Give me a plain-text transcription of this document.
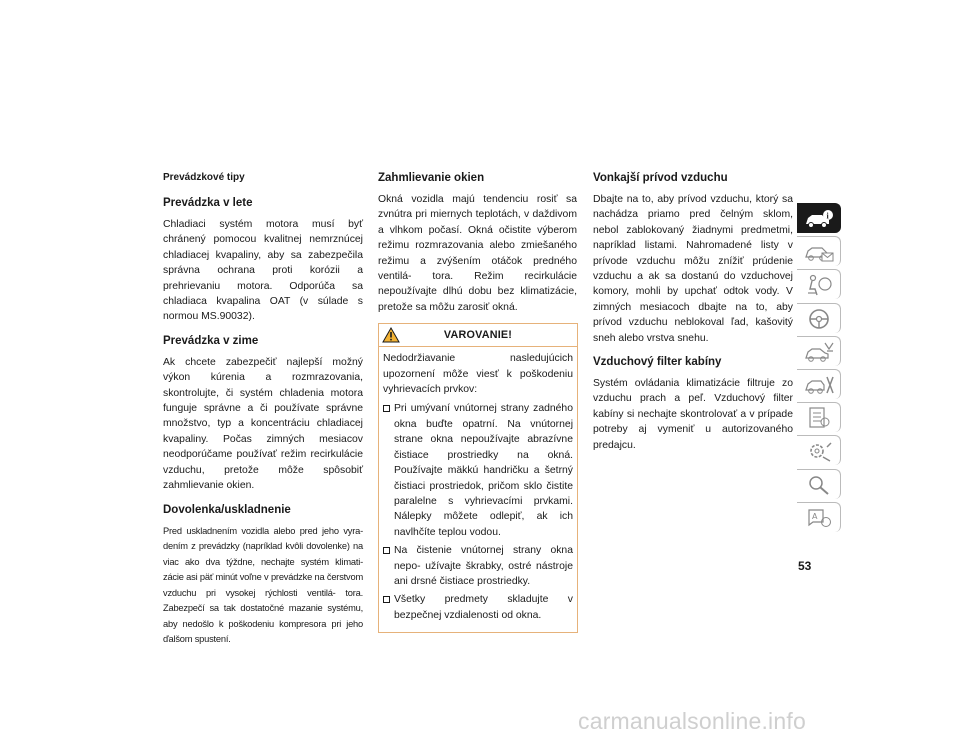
Prevádzkové tipy
Prevádzka v lete

Chladiaci systém motora musí byť chránený pomocou kvalitnej nemrznúcej chladiacej kvapaliny, aby sa zabezpečila správna ochrana proti korózii a prehrievaniu motora. Odporúča sa chladiaca kvapalina OAT (v súlade s normou MS.90032).

Prevádzka v zime

Ak chcete zabezpečiť najlepší možný výkon kúrenia a rozmrazovania, skontrolujte, či systém chladenia motora funguje správne a či používate správne množstvo, typ a koncentráciu chladiacej kvapaliny. Počas zimných mesiacov neodporúčame používať režim recirkulácie vzduchu, pretože môže spôsobiť zahmlievanie okien.

Dovolenka/uskladnenie

Pred uskladnením vozidla alebo pred jeho vyra- dením z prevádzky (napríklad kvôli dovolenke) na viac ako dva týždne, nechajte systém klimati- zácie asi päť minút voľne v prevádzke na čerstvom vzduchu pri vysokej rýchlosti ventilá- tora. Zabezpečí sa tak dostatočné mazanie systému, aby nedošlo k poškodeniu kompresora pri jeho ďalšom spustení.

Zahmlievanie okien

Okná vozidla majú tendenciu rosiť sa zvnútra pri miernych teplotách, v daždivom a vlhkom počasí. Okná očistite výberom režimu rozmrazovania alebo zmiešaného režimu a zvýšením otáčok predného ventilá- tora. Režim recirkulácie nepoužívajte dlhú dobu bez klimatizácie, pretože sa môžu zarosiť okná.

VAROVANIE!

Nedodržiavanie nasledujúcich upozornení môže viesť k poškodeniu vyhrievacích prvkov:

Pri umývaní vnútornej strany zadného okna buďte opatrní. Na vnútornej strane okna nepoužívajte abrazívne čistiace prostriedky na okná. Používajte mäkkú handričku a šetrný čistiaci prostriedok, pričom sklo čistite paralelne s vyhrievacími prvkami. Nálepky môžete odlepiť, ak ich navlhčíte teplou vodou.
Na čistenie vnútornej strany okna nepo- užívajte škrabky, ostré nástroje ani drsné čistiace prostriedky.
Všetky predmety skladujte v bezpečnej vzdialenosti od okna.
Vonkajší prívod vzduchu

Dbajte na to, aby prívod vzduchu, ktorý sa nachádza priamo pred čelným sklom, nebol zablokovaný žiadnymi predmetmi, napríklad listami. Nahromadené listy v prívode vzduchu môžu znížiť prúdenie vzduchu a ak sa dostanú do vzduchovej komory, mohli by upchať odtok vody. V zimných mesiacoch dbajte na to, aby prívod vzduchu neblokoval ľad, kašovitý sneh alebo vrstva snehu.

Vzduchový filter kabíny

Systém ovládania klimatizácie filtruje zo vzduchu prach a peľ. Vzduchový filter kabíny si nechajte skontrolovať a v prípade potreby aj vymeniť u autorizovaného predajcu.

i
A
53
carmanualsonline.info
